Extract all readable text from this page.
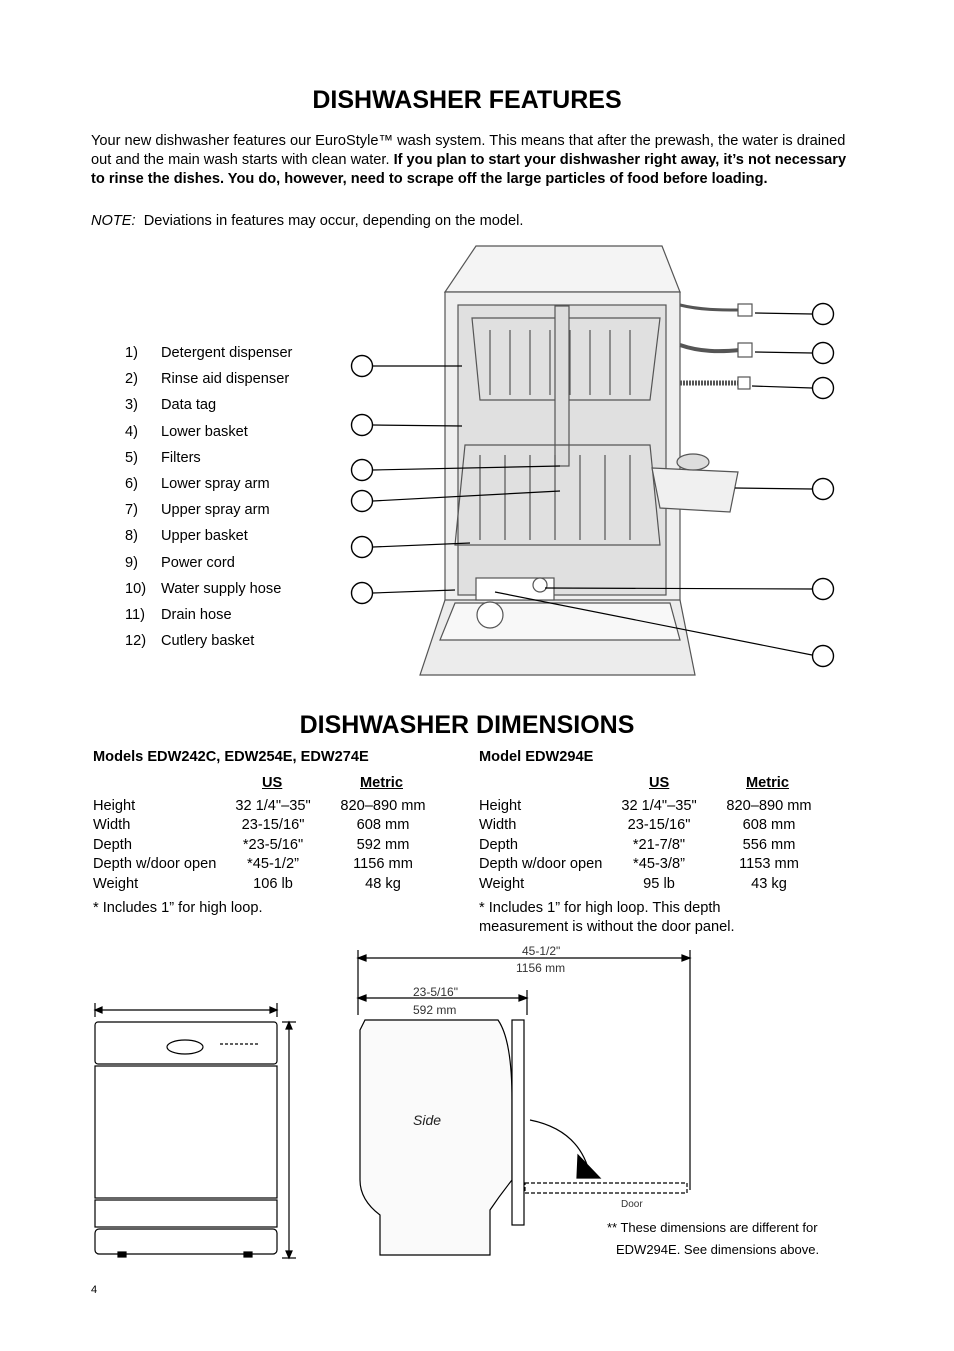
DISHWASHER FEATURES
Your new dishwasher features our EuroStyle™ wash system. This means that after the prewash, the water is drained out and the main wash starts with clean water. If you plan to start your dishwasher right away, it’s not necessary to rinse the dishes. You do, however, need to scrape off the large particles of food before loading.
NOTE: Deviations in features may occur, depending on the model.
1) Detergent dispenser
2) Rinse aid dispenser
3) Data tag
4) Lower basket
5) Filters
6) Lower spray arm
7) Upper spray arm
8) Upper basket
9) Power cord
10) Water supply hose
11) Drain hose
12) Cutlery basket
45-1/2"
1156 mm
23-5/16"
592 mm
Side
Door
** These dimensions are different for
EDW294E. See dimensions above.
DISHWASHER DIMENSIONS
Models EDW242C, EDW254E, EDW274E
US	Metric
Height	32 1/4"–35"	820–890 mm
Width	23-15/16"	608 mm
Depth	*23-5/16"	592 mm
Depth w/door open	*45-1/2”	1156 mm
Weight	106 lb	48 kg
* Includes 1” for high loop.
Model EDW294E
US	Metric
Height	32 1/4"–35"	820–890 mm
Width	23-15/16"	608 mm
Depth	*21-7/8"	556 mm
Depth w/door open	*45-3/8”	1153 mm
Weight	95 lb	43 kg
* Includes 1” for high loop. This depth
measurement is without the door panel.
4
